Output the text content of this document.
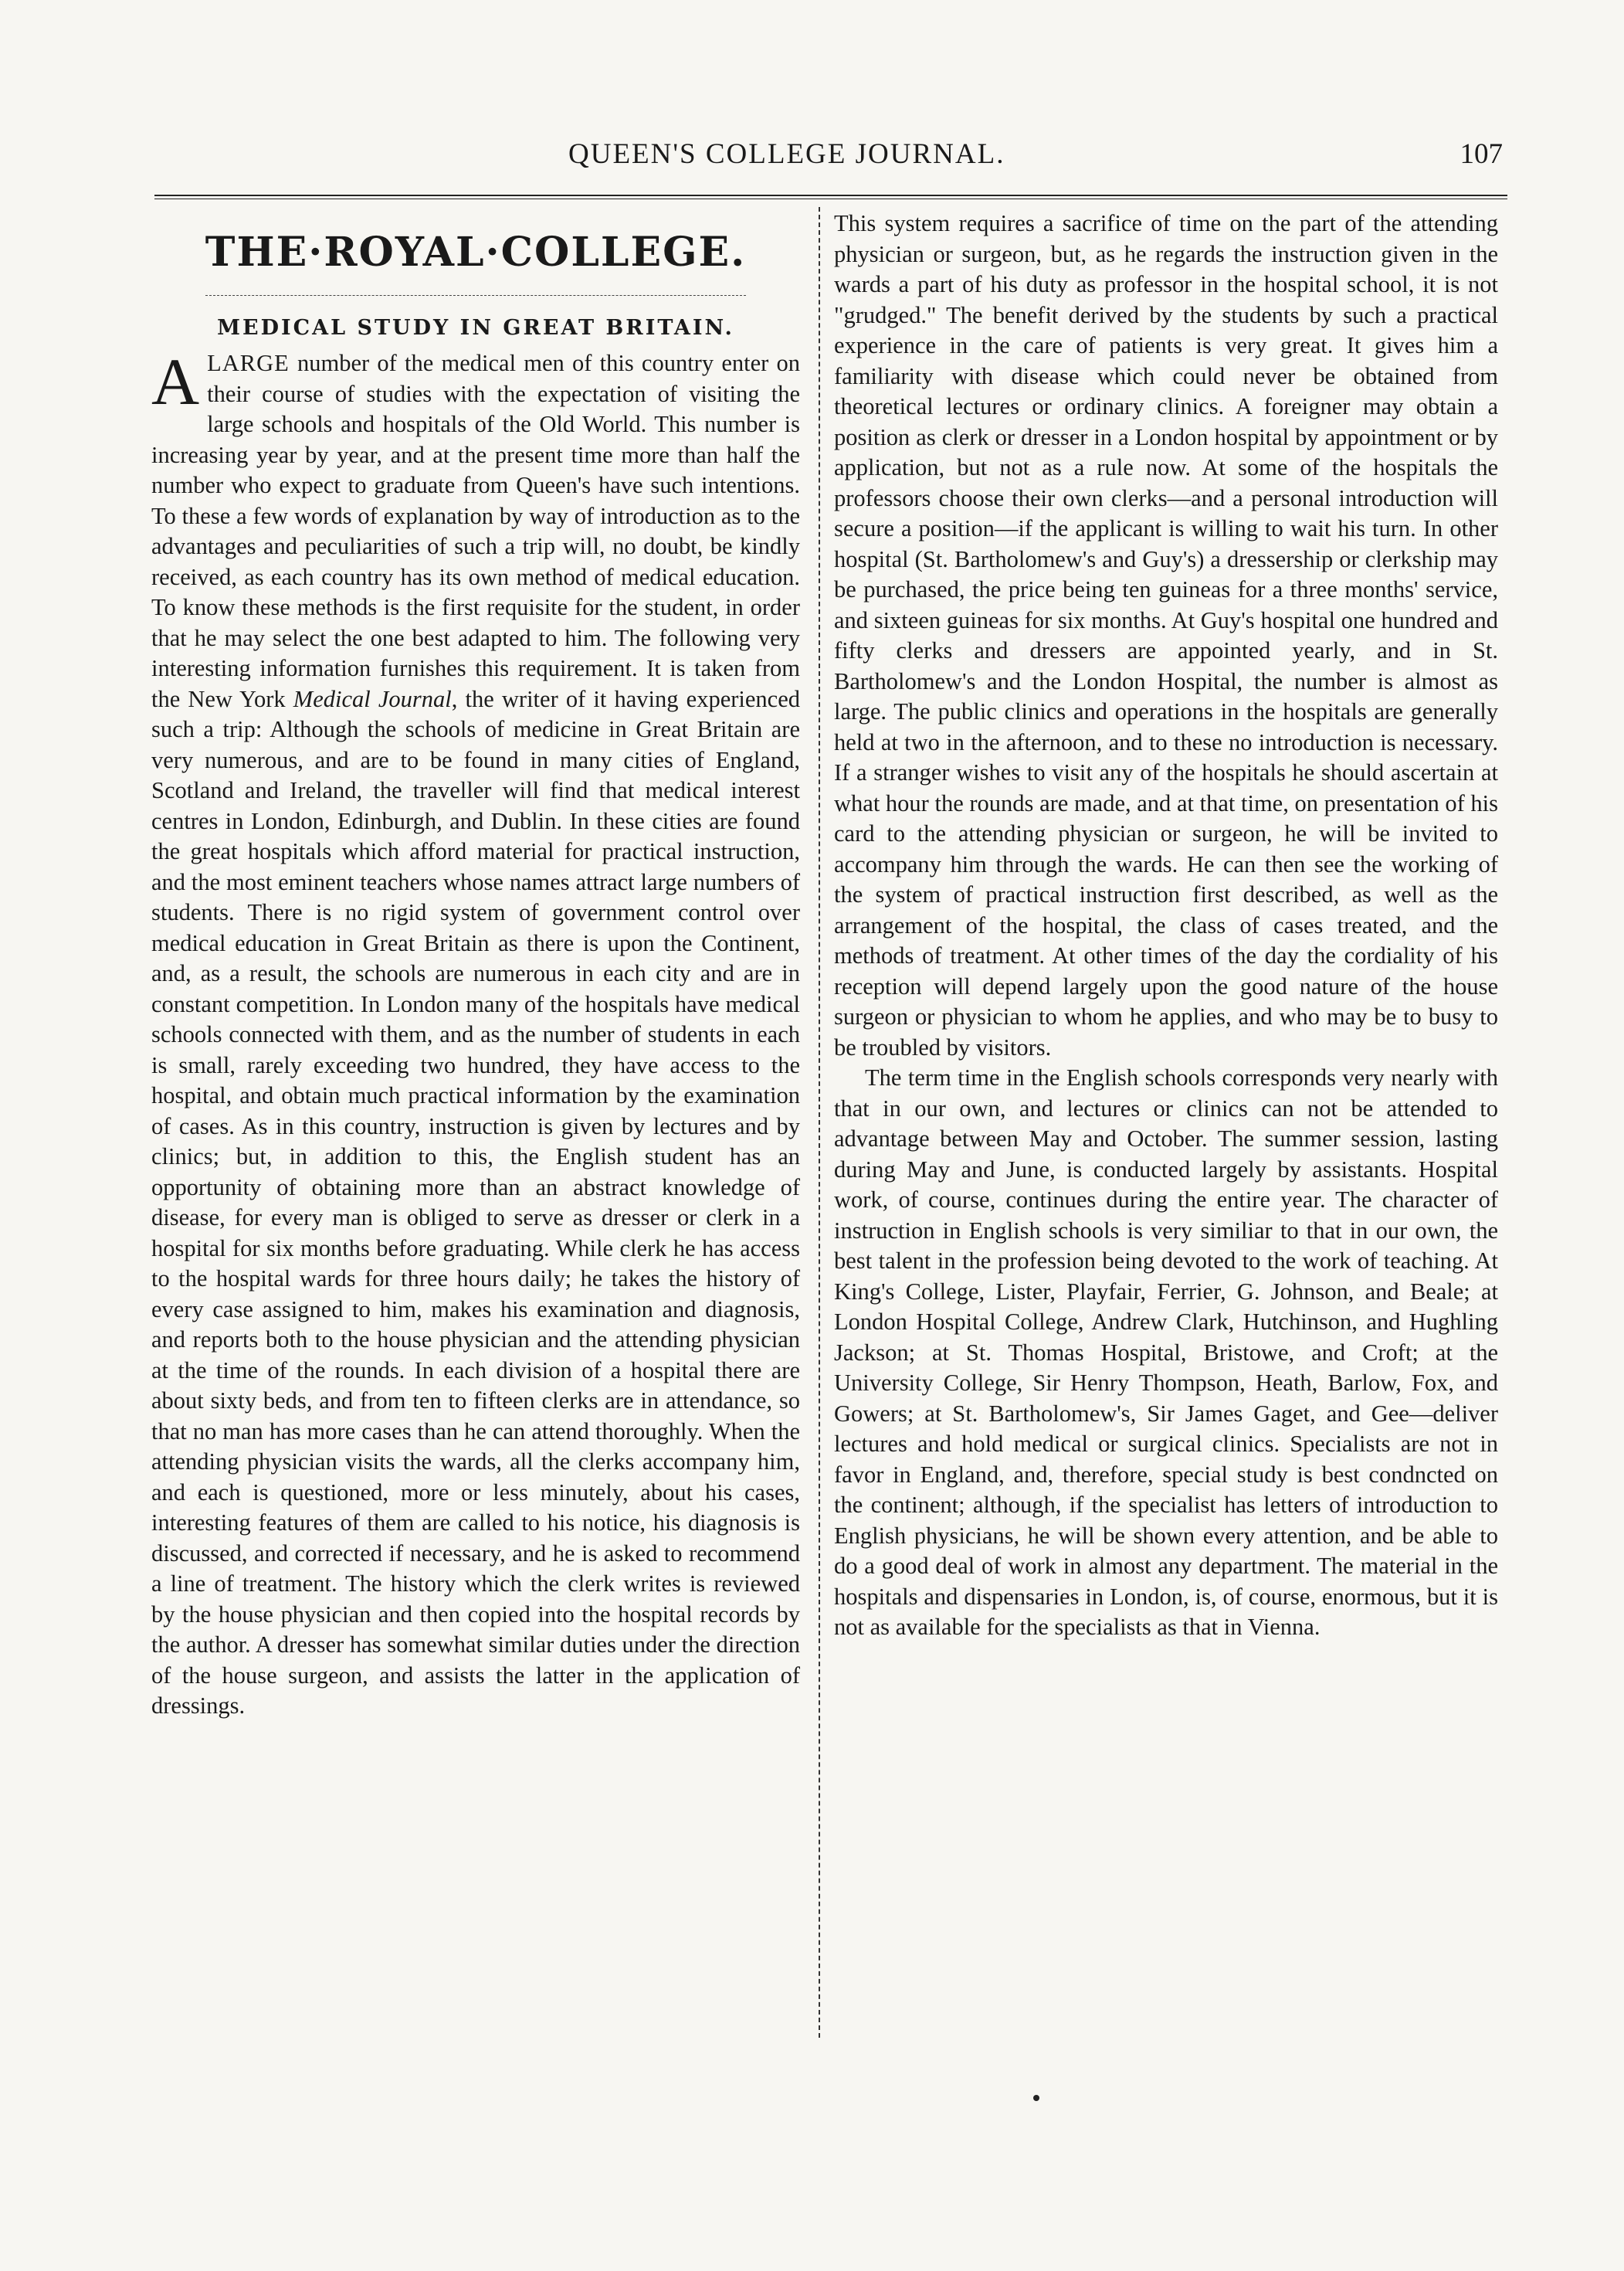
QUEEN'S COLLEGE JOURNAL.	107
THE·ROYAL·COLLEGE.
MEDICAL STUDY IN GREAT BRITAIN.

ALARGE number of the medical men of this country enter on their course of studies with the expectation of visiting the large schools and hospitals of the Old World. This number is increasing year by year, and at the present time more than half the number who expect to graduate from Queen's have such intentions. To these a few words of explanation by way of introduction as to the advantages and peculiarities of such a trip will, no doubt, be kindly received, as each country has its own method of medical education. To know these methods is the first requisite for the student, in order that he may select the one best adapted to him. The following very interesting information furnishes this requirement. It is taken from the New York Medical Journal, the writer of it having experienced such a trip: Although the schools of medicine in Great Britain are very numerous, and are to be found in many cities of England, Scotland and Ireland, the traveller will find that medical interest centres in London, Edinburgh, and Dublin. In these cities are found the great hospitals which afford material for practical instruction, and the most eminent teachers whose names attract large numbers of students. There is no rigid system of government control over medical education in Great Britain as there is upon the Continent, and, as a result, the schools are numerous in each city and are in constant competition. In London many of the hospitals have medical schools connected with them, and as the number of students in each is small, rarely exceeding two hundred, they have access to the hospital, and obtain much practical information by the examination of cases. As in this country, instruction is given by lectures and by clinics; but, in addition to this, the English student has an opportunity of obtaining more than an abstract knowledge of disease, for every man is obliged to serve as dresser or clerk in a hospital for six months before graduating. While clerk he has access to the hospital wards for three hours daily; he takes the history of every case assigned to him, makes his examination and diagnosis, and reports both to the house physician and the attending physician at the time of the rounds. In each division of a hospital there are about sixty beds, and from ten to fifteen clerks are in attendance, so that no man has more cases than he can attend thoroughly. When the attending physician visits the wards, all the clerks accompany him, and each is questioned, more or less minutely, about his cases, interesting features of them are called to his notice, his diagnosis is discussed, and corrected if necessary, and he is asked to recommend a line of treatment. The history which the clerk writes is reviewed by the house physician and then copied into the hospital records by the author. A dresser has somewhat similar duties under the direction of the house surgeon, and assists the latter in the application of dressings.

This system requires a sacrifice of time on the part of the attending physician or surgeon, but, as he regards the instruction given in the wards a part of his duty as professor in the hospital school, it is not "grudged." The benefit derived by the students by such a practical experience in the care of patients is very great. It gives him a familiarity with disease which could never be obtained from theoretical lectures or ordinary clinics. A foreigner may obtain a position as clerk or dresser in a London hospital by appointment or by application, but not as a rule now. At some of the hospitals the professors choose their own clerks—and a personal introduction will secure a position—if the applicant is willing to wait his turn. In other hospital (St. Bartholomew's and Guy's) a dressership or clerkship may be purchased, the price being ten guineas for a three months' service, and sixteen guineas for six months. At Guy's hospital one hundred and fifty clerks and dressers are appointed yearly, and in St. Bartholomew's and the London Hospital, the number is almost as large. The public clinics and operations in the hospitals are generally held at two in the afternoon, and to these no introduction is necessary. If a stranger wishes to visit any of the hospitals he should ascertain at what hour the rounds are made, and at that time, on presentation of his card to the attending physician or surgeon, he will be invited to accompany him through the wards. He can then see the working of the system of practical instruction first described, as well as the arrangement of the hospital, the class of cases treated, and the methods of treatment. At other times of the day the cordiality of his reception will depend largely upon the good nature of the house surgeon or physician to whom he applies, and who may be to busy to be troubled by visitors.

The term time in the English schools corresponds very nearly with that in our own, and lectures or clinics can not be attended to advantage between May and October. The summer session, lasting during May and June, is conducted largely by assistants. Hospital work, of course, continues during the entire year. The character of instruction in English schools is very similiar to that in our own, the best talent in the profession being devoted to the work of teaching. At King's College, Lister, Playfair, Ferrier, G. Johnson, and Beale; at London Hospital College, Andrew Clark, Hutchinson, and Hughling Jackson; at St. Thomas Hospital, Bristowe, and Croft; at the University College, Sir Henry Thompson, Heath, Barlow, Fox, and Gowers; at St. Bartholomew's, Sir James Gaget, and Gee—deliver lectures and hold medical or surgical clinics. Specialists are not in favor in England, and, therefore, special study is best condncted on the continent; although, if the specialist has letters of introduction to English physicians, he will be shown every attention, and be able to do a good deal of work in almost any department. The material in the hospitals and dispensaries in London, is, of course, enormous, but it is not as available for the specialists as that in Vienna.
